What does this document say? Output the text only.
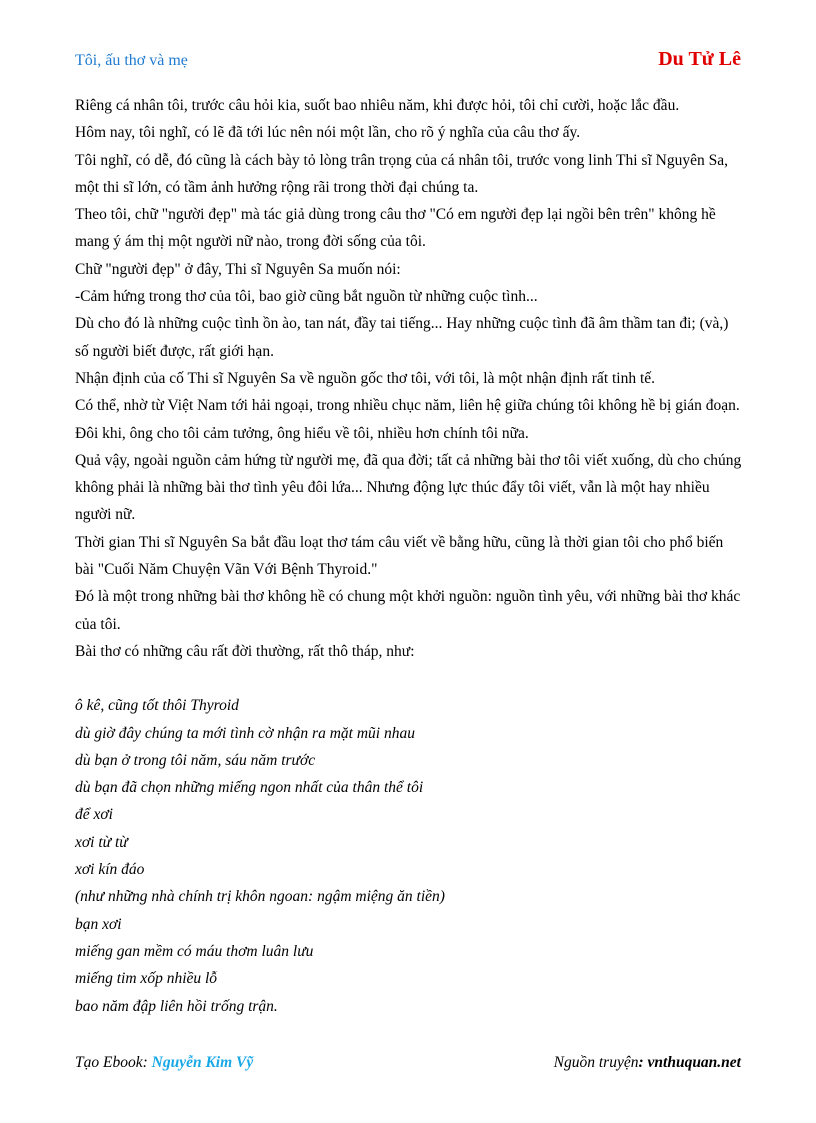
Tôi, ấu thơ và mẹ	Du Tử Lê

Riêng cá nhân tôi, trước câu hỏi kia, suốt bao nhiêu năm, khi được hỏi, tôi chỉ cười, hoặc lắc đầu.

Hôm nay, tôi nghĩ, có lẽ đã tới lúc nên nói một lần, cho rõ ý nghĩa của câu thơ ấy.

Tôi nghĩ, có dễ, đó cũng là cách bày tỏ lòng trân trọng của cá nhân tôi, trước vong linh Thi sĩ Nguyên Sa, một thi sĩ lớn, có tầm ảnh hưởng rộng rãi trong thời đại chúng ta.

Theo tôi, chữ "người đẹp" mà tác giả dùng trong câu thơ "Có em người đẹp lại ngồi bên trên" không hề mang ý ám thị một người nữ nào, trong đời sống của tôi.

Chữ "người đẹp" ở đây, Thi sĩ Nguyên Sa muốn nói:

-Cảm hứng trong thơ của tôi, bao giờ cũng bắt nguồn từ những cuộc tình...

Dù cho đó là những cuộc tình ồn ào, tan nát, đầy tai tiếng... Hay những cuộc tình đã âm thầm tan đi; (và,) số người biết được, rất giới hạn.

Nhận định của cố Thi sĩ Nguyên Sa về nguồn gốc thơ tôi, với tôi, là một nhận định rất tinh tế.

Có thể, nhờ từ Việt Nam tới hải ngoại, trong nhiều chục năm, liên hệ giữa chúng tôi không hề bị gián đoạn. Đôi khi, ông cho tôi cảm tưởng, ông hiểu về tôi, nhiều hơn chính tôi nữa.

Quả vậy, ngoài nguồn cảm hứng từ người mẹ, đã qua đời; tất cả những bài thơ tôi viết xuống, dù cho chúng không phải là những bài thơ tình yêu đôi lứa... Nhưng động lực thúc đẩy tôi viết, vẫn là một hay nhiều người nữ.

Thời gian Thi sĩ Nguyên Sa bắt đầu loạt thơ tám câu viết về bằng hữu, cũng là thời gian tôi cho phổ biến bài "Cuối Năm Chuyện Vãn Với Bệnh Thyroid."

Đó là một trong những bài thơ không hề có chung một khởi nguồn: nguồn tình yêu, với những bài thơ khác của tôi.

Bài thơ có những câu rất đời thường, rất thô tháp, như:

ô kê, cũng tốt thôi Thyroid

dù giờ đây chúng ta mới tình cờ nhận ra mặt mũi nhau

dù bạn ở trong tôi năm, sáu năm trước

dù bạn đã chọn những miếng ngon nhất của thân thể tôi

để xơi

xơi từ từ

xơi kín đáo

(như những nhà chính trị khôn ngoan: ngậm miệng ăn tiền)

bạn xơi

miếng gan mềm có máu thơm luân lưu

miếng tim xốp nhiều lỗ

bao năm đập liên hồi trống trận.

Tạo Ebook: Nguyễn Kim Vỹ	Nguồn truyện: vnthuquan.net
